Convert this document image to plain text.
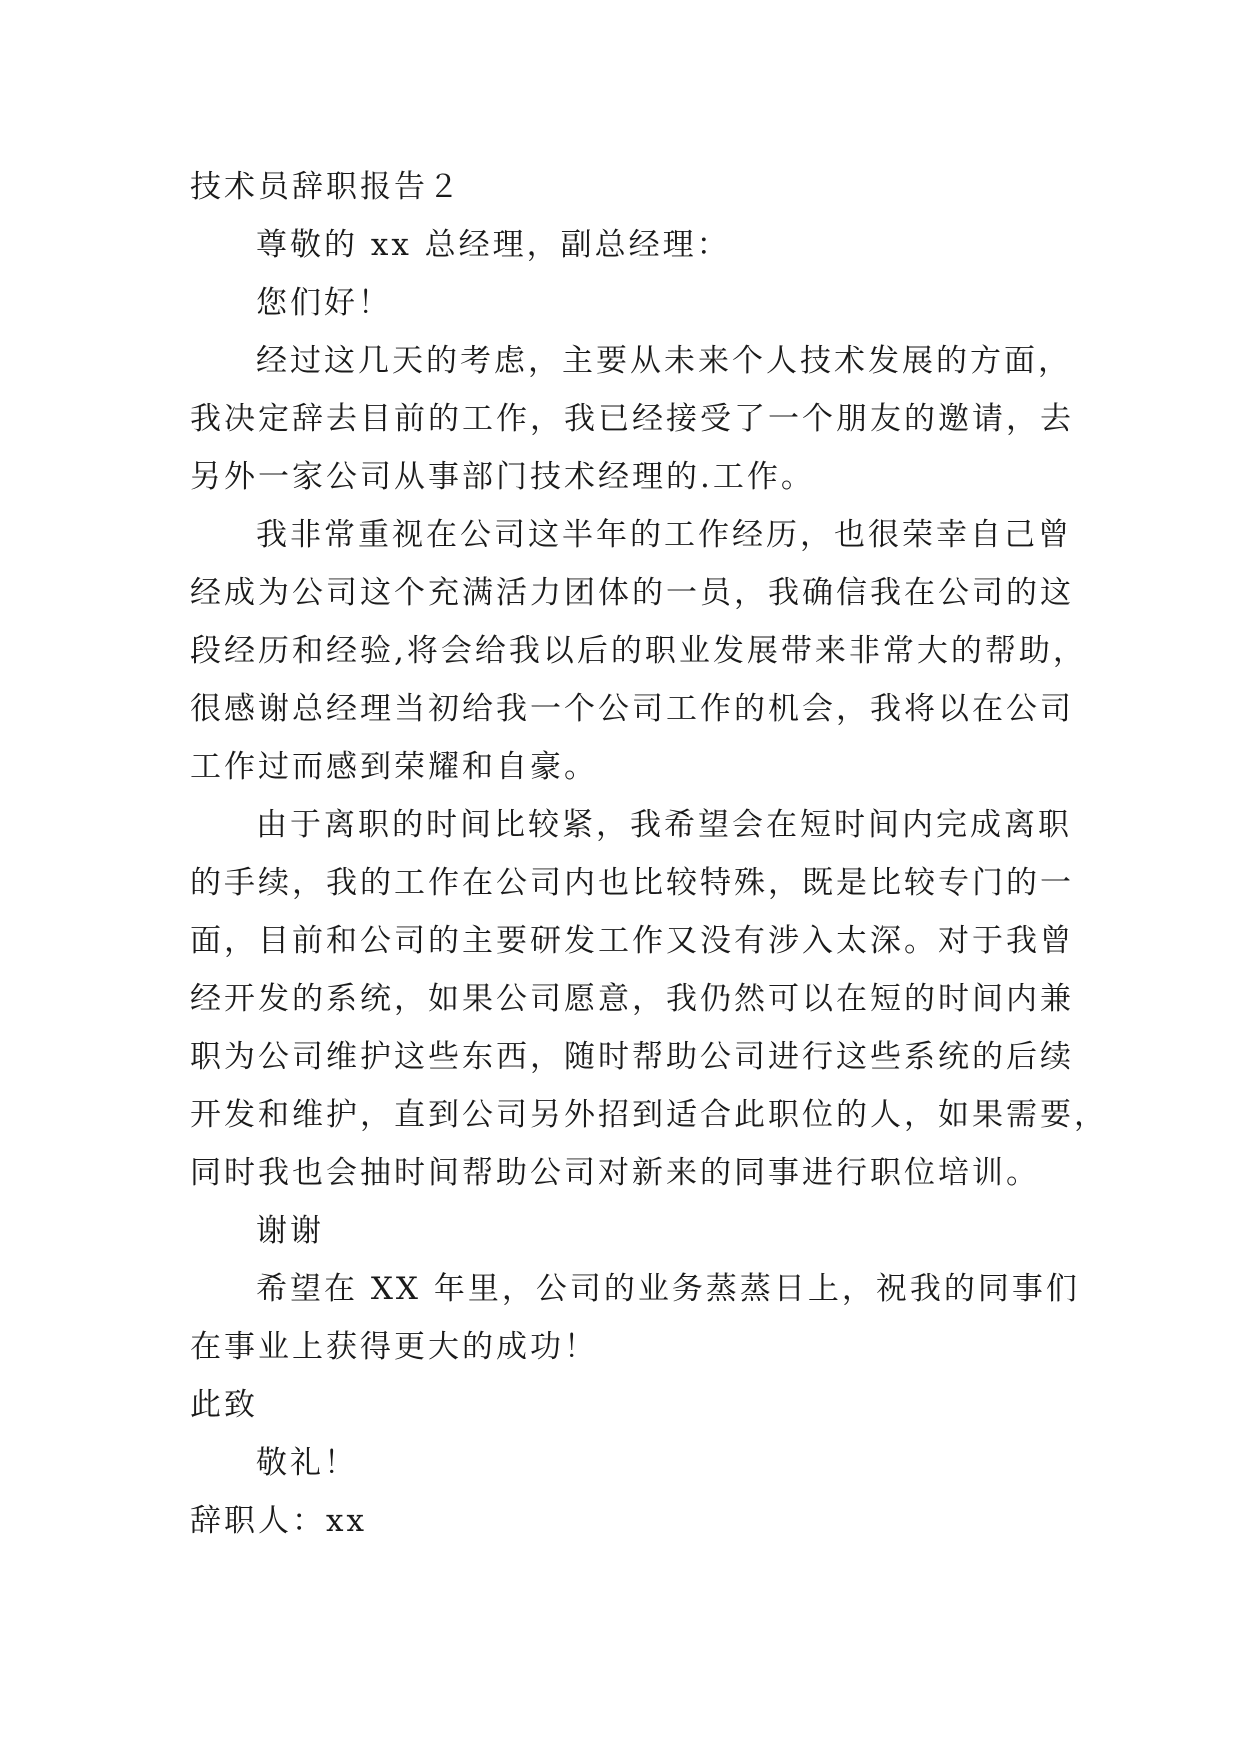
技术员辞职报告２
尊敬的 xx 总经理，副总经理：
您们好！
经过这几天的考虑，主要从未来个人技术发展的方面，
我决定辞去目前的工作，我已经接受了一个朋友的邀请，去
另外一家公司从事部门技术经理的.工作。
我非常重视在公司这半年的工作经历，也很荣幸自己曾
经成为公司这个充满活力团体的一员，我确信我在公司的这
段经历和经验,将会给我以后的职业发展带来非常大的帮助，
很感谢总经理当初给我一个公司工作的机会，我将以在公司
工作过而感到荣耀和自豪。
由于离职的时间比较紧，我希望会在短时间内完成离职
的手续，我的工作在公司内也比较特殊，既是比较专门的一
面，目前和公司的主要研发工作又没有涉入太深。对于我曾
经开发的系统，如果公司愿意，我仍然可以在短的时间内兼
职为公司维护这些东西，随时帮助公司进行这些系统的后续
开发和维护，直到公司另外招到适合此职位的人，如果需要，
同时我也会抽时间帮助公司对新来的同事进行职位培训。
谢谢
希望在 XX 年里，公司的业务蒸蒸日上，祝我的同事们
在事业上获得更大的成功！
此致
敬礼！
辞职人：xx
